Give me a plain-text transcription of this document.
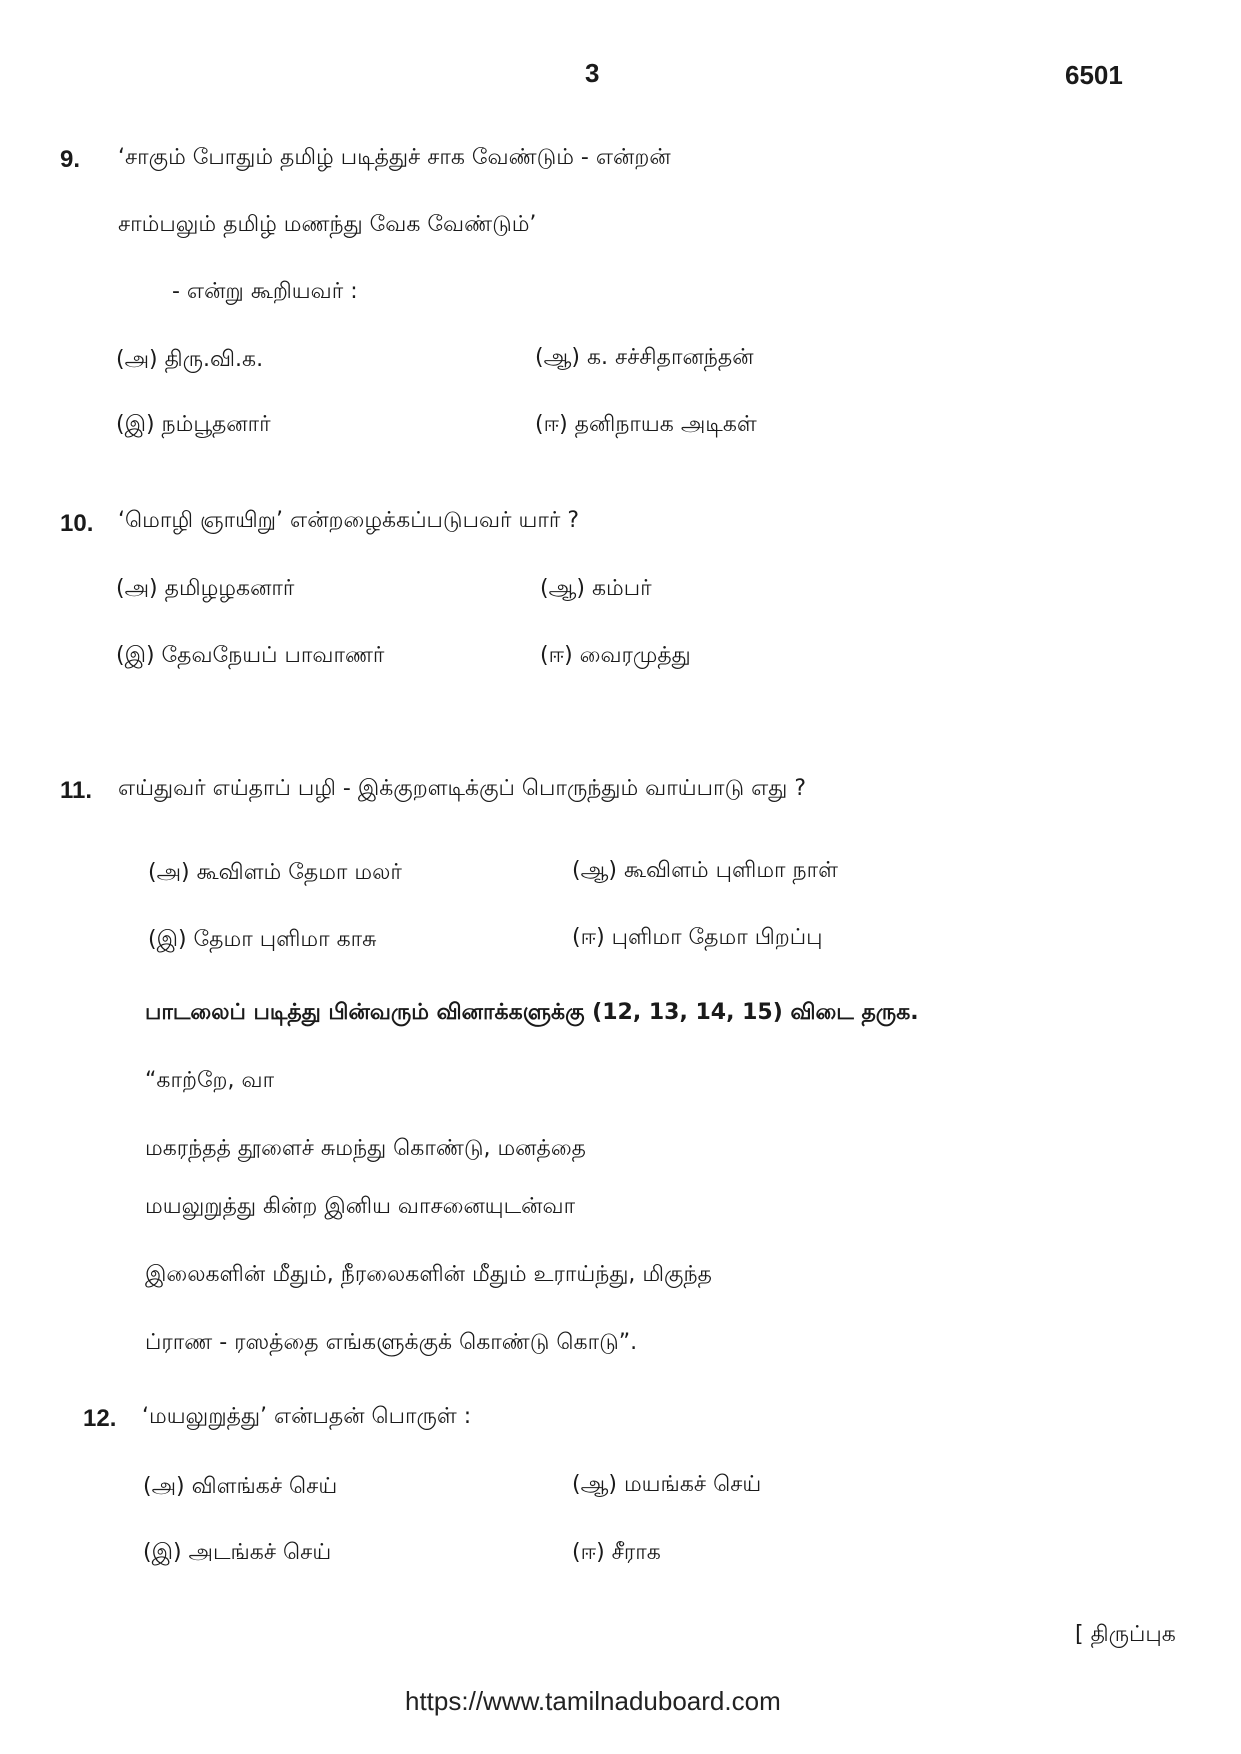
3	6501
9. ‘சாகும் போதும் தமிழ் படித்துச் சாக வேண்டும் - என்றன்
சாம்பலும் தமிழ் மணந்து வேக வேண்டும்’
- என்று கூறியவர் :
(அ) திரு.வி.க.	(ஆ) க. சச்சிதானந்தன்
(இ) நம்பூதனார்	(ஈ) தனிநாயக அடிகள்
10. ‘மொழி ஞாயிறு’ என்றழைக்கப்படுபவர் யார் ?
(அ) தமிழழகனார்	(ஆ) கம்பர்
(இ) தேவநேயப் பாவாணர்	(ஈ) வைரமுத்து
11. எய்துவர் எய்தாப் பழி - இக்குறளடிக்குப் பொருந்தும் வாய்பாடு எது ?
(அ) கூவிளம் தேமா மலர்	(ஆ) கூவிளம் புளிமா நாள்
(இ) தேமா புளிமா காசு	(ஈ) புளிமா தேமா பிறப்பு
பாடலைப் படித்து பின்வரும் வினாக்களுக்கு (12, 13, 14, 15) விடை தருக.
“காற்றே, வா
மகரந்தத் தூளைச் சுமந்து கொண்டு, மனத்தை
மயலுறுத்து கின்ற இனிய வாசனையுடன்வா
இலைகளின் மீதும், நீரலைகளின் மீதும் உராய்ந்து, மிகுந்த
ப்ராண - ரஸத்தை எங்களுக்குக் கொண்டு கொடு”.
12. ‘மயலுறுத்து’ என்பதன் பொருள் :
(அ) விளங்கச் செய்	(ஆ) மயங்கச் செய்
(இ) அடங்கச் செய்	(ஈ) சீராக
[ திருப்புக
https://www.tamilnaduboard.com
